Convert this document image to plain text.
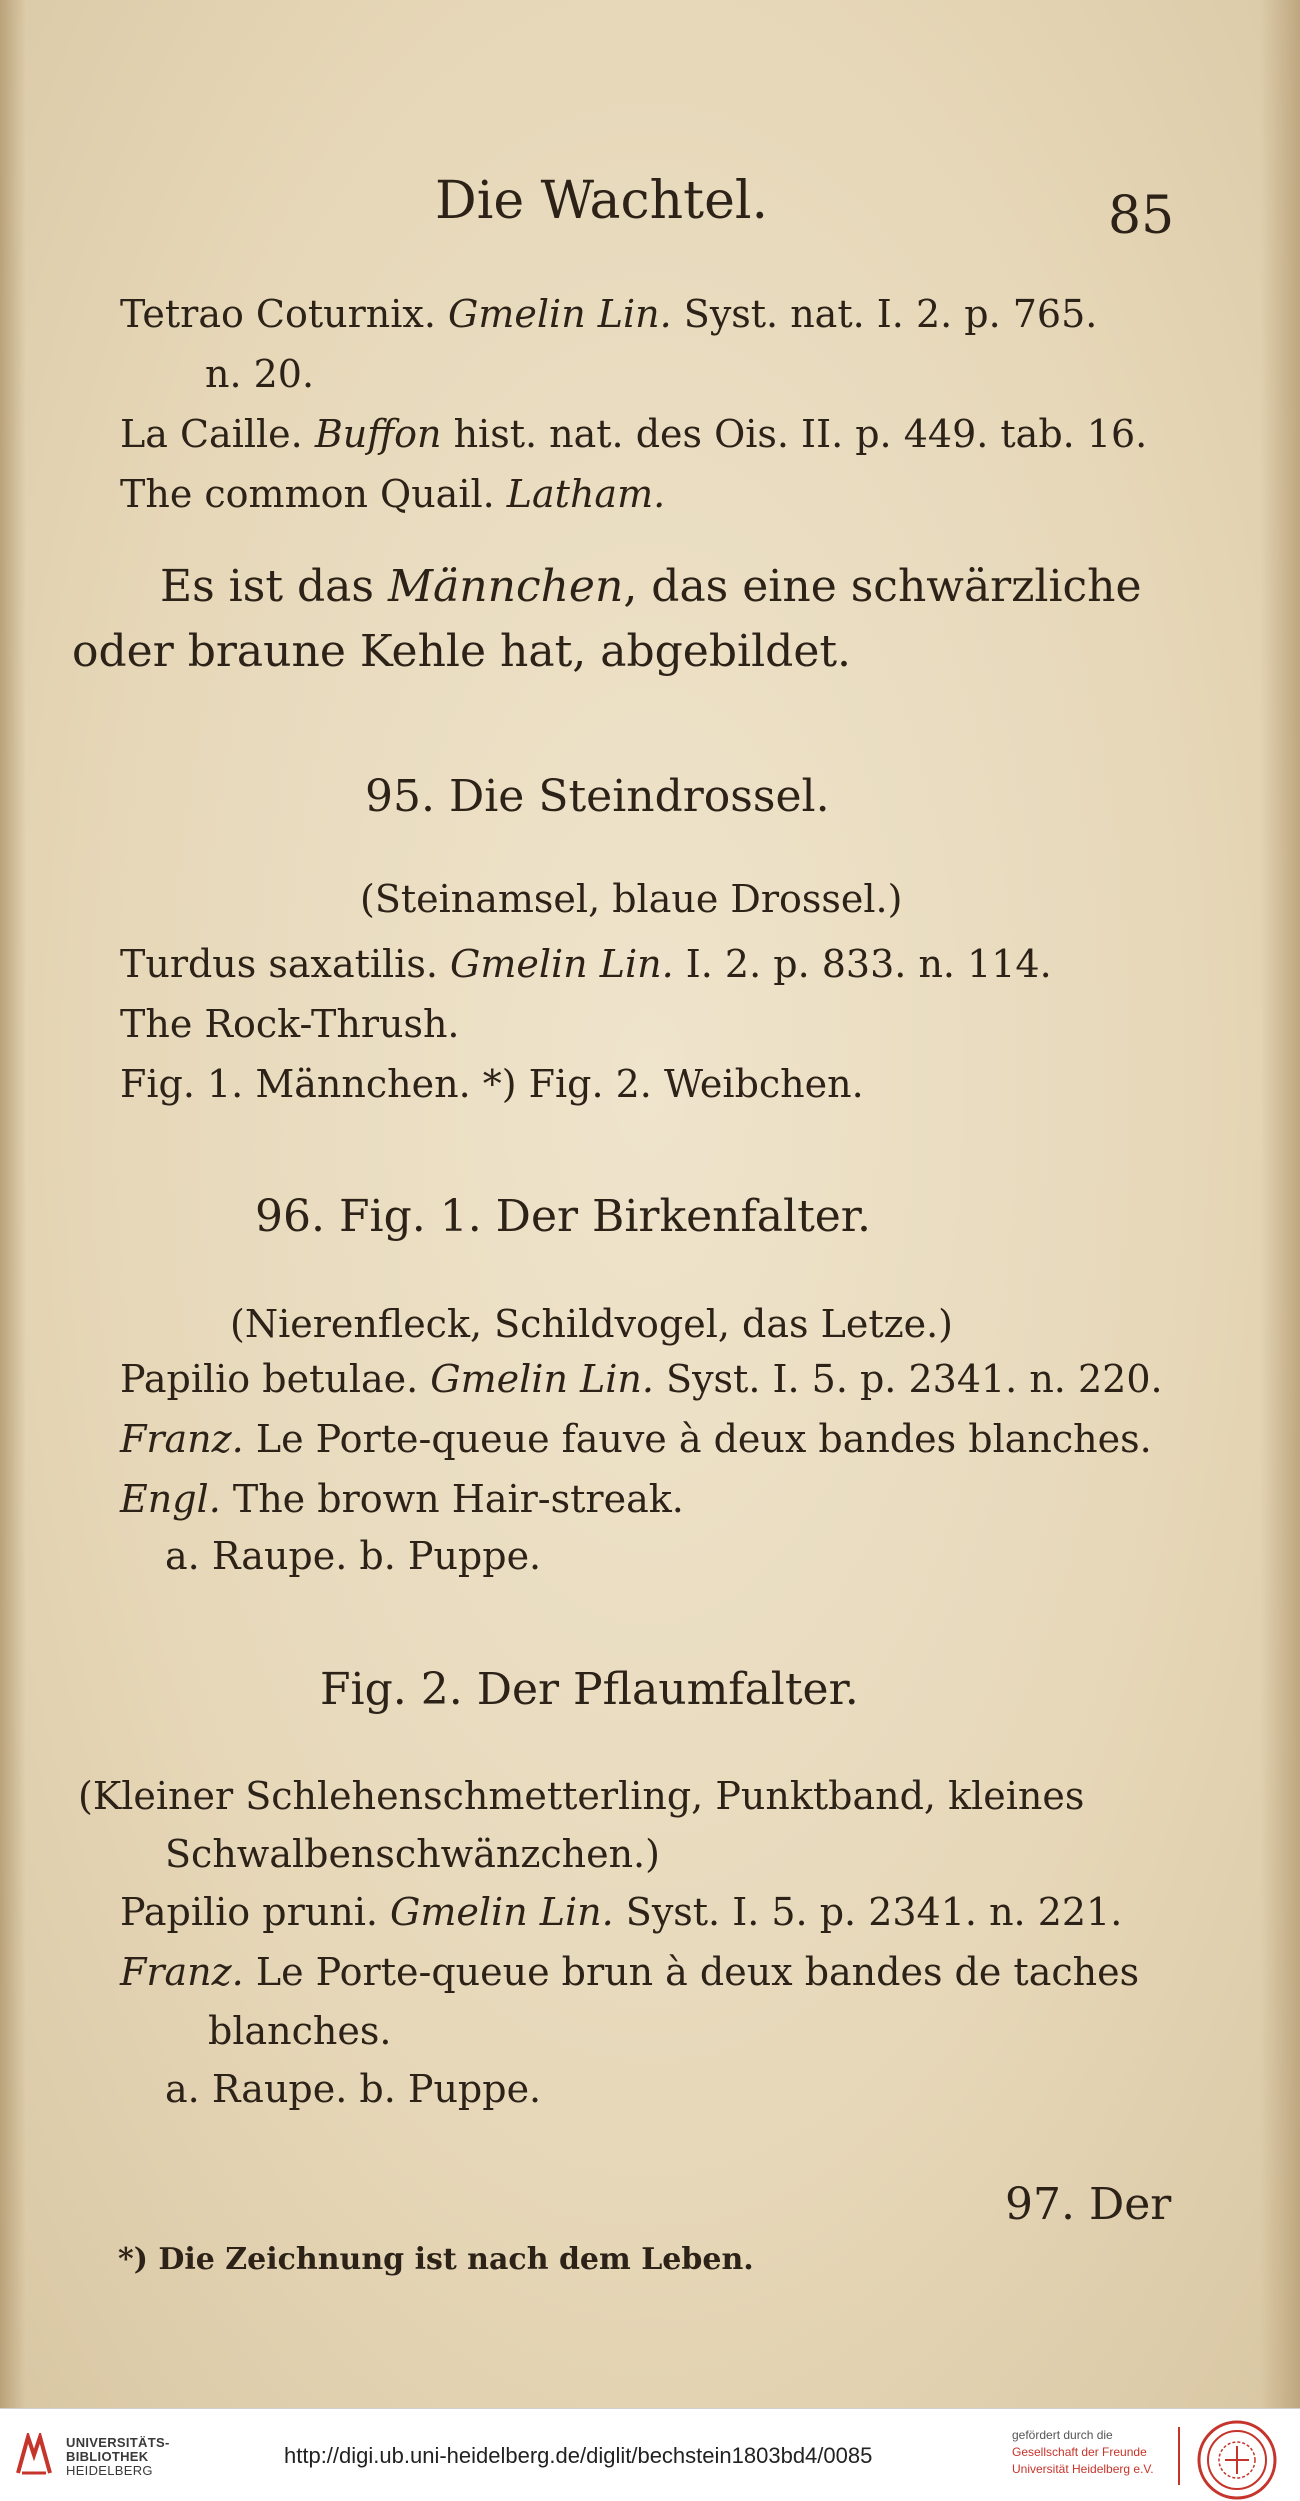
Die Wachtel.	85
Tetrao Coturnix. Gmelin Lin. Syst. nat. I. 2. p. 765.
n. 20.
La Caille. Buffon hist. nat. des Ois. II. p. 449. tab. 16.
The common Quail. Latham.
Es ist das Männchen, das eine schwärzliche
oder braune Kehle hat, abgebildet.
95. Die Steindrossel.
(Steinamsel, blaue Drossel.)
Turdus saxatilis. Gmelin Lin. I. 2. p. 833. n. 114.
The Rock-Thrush.
Fig. 1. Männchen. *) Fig. 2. Weibchen.
96. Fig. 1. Der Birkenfalter.
(Nierenfleck, Schildvogel, das Letze.)
Papilio betulae. Gmelin Lin. Syst. I. 5. p. 2341. n. 220.
Franz. Le Porte-queue fauve à deux bandes blanches.
Engl. The brown Hair-streak.
a. Raupe. b. Puppe.
Fig. 2. Der Pflaumfalter.
(Kleiner Schlehenschmetterling, Punktband, kleines
Schwalbenschwänzchen.)
Papilio pruni. Gmelin Lin. Syst. I. 5. p. 2341. n. 221.
Franz. Le Porte-queue brun à deux bandes de taches
blanches.
a. Raupe. b. Puppe.
97. Der
*) Die Zeichnung ist nach dem Leben.
UNIVERSITÄTS-
BIBLIOTHEK
HEIDELBERG
http://digi.ub.uni-heidelberg.de/diglit/bechstein1803bd4/0085
gefördert durch die
Gesellschaft der Freunde
Universität Heidelberg e.V.
